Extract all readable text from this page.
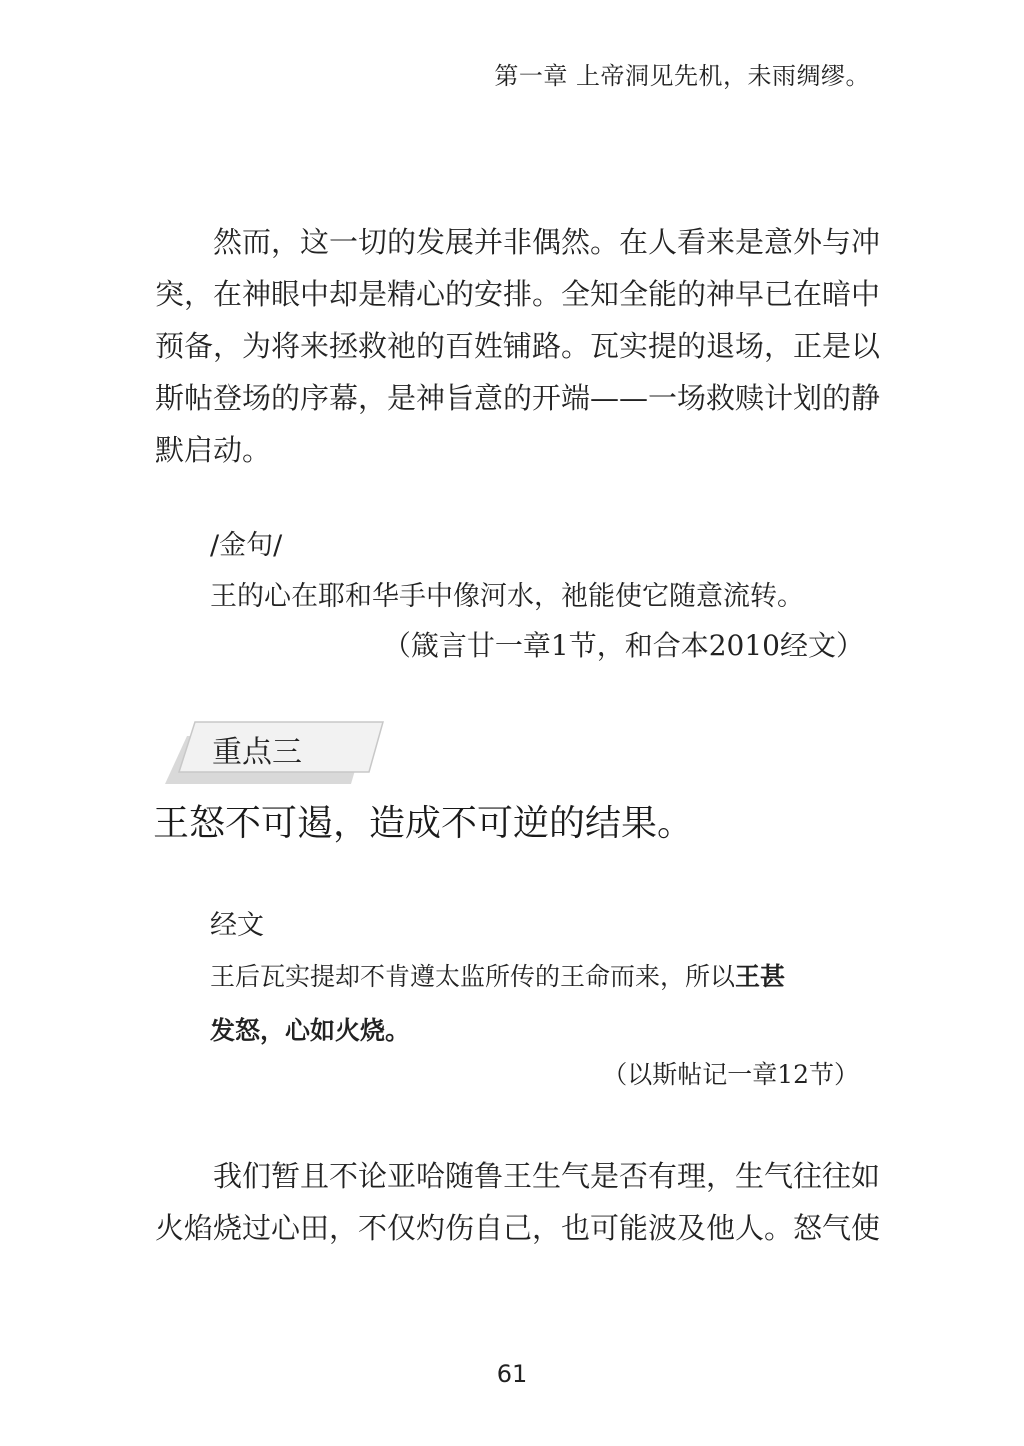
第一章 上帝洞见先机，未雨绸缪。
然而，这一切的发展并非偶然。在人看来是意外与冲
突，在神眼中却是精心的安排。全知全能的神早已在暗中
预备，为将来拯救祂的百姓铺路。瓦实提的退场，正是以
斯帖登场的序幕，是神旨意的开端——一场救赎计划的静
默启动。
/金句/
王的心在耶和华手中像河水，祂能使它随意流转。
（箴言廿一章1节，和合本2010经文）
重点三
王怒不可遏，造成不可逆的结果。
经文
王后瓦实提却不肯遵太监所传的王命而来，所以王甚
发怒，心如火烧。
（以斯帖记一章12节）
我们暂且不论亚哈随鲁王生气是否有理，生气往往如
火焰烧过心田，不仅灼伤自己，也可能波及他人。怒气使
61
